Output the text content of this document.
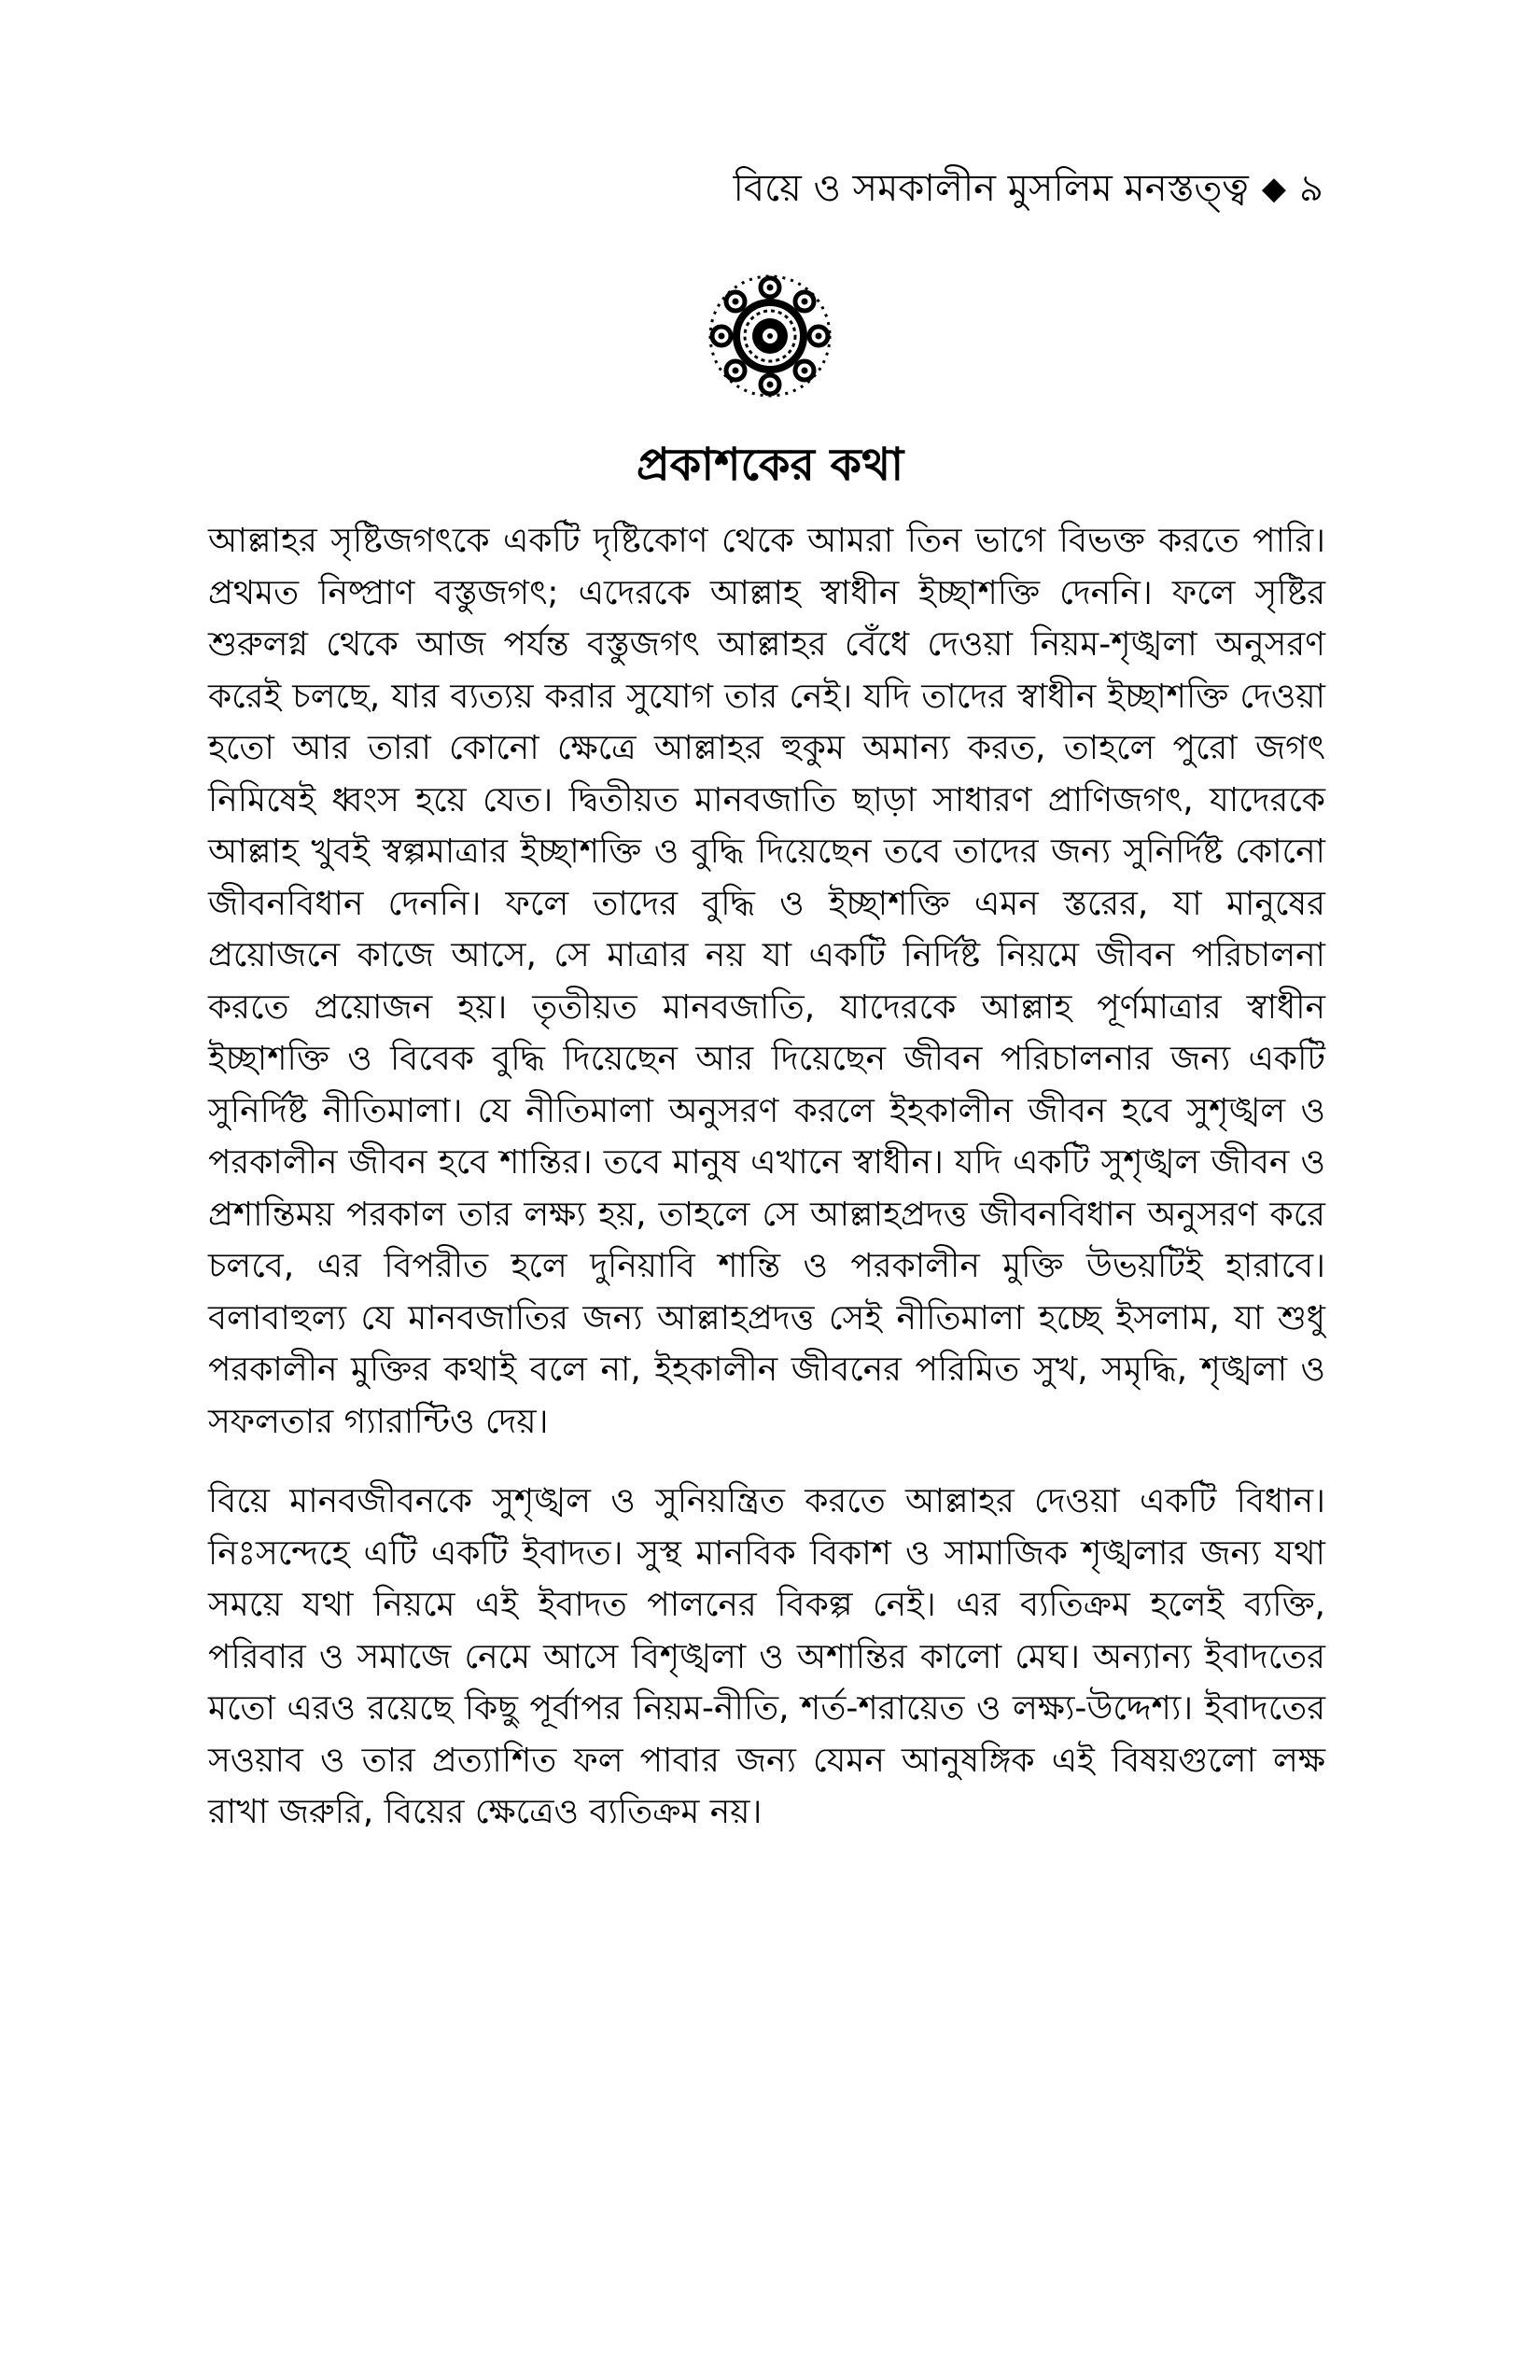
বিয়ে ও সমকালীন মুসলিম মনস্তত্ত্ব ◆ ৯
প্রকাশকের কথা

আল্লাহর সৃষ্টিজগৎকে একটি দৃষ্টিকোণ থেকে আমরা তিন ভাগে বিভক্ত করতে পারি। প্রথমত নিষ্প্রাণ বস্তুজগৎ; এদেরকে আল্লাহ স্বাধীন ইচ্ছাশক্তি দেননি। ফলে সৃষ্টির শুরুলগ্ন থেকে আজ পর্যন্ত বস্তুজগৎ আল্লাহর বেঁধে দেওয়া নিয়ম-শৃঙ্খলা অনুসরণ করেই চলছে, যার ব্যত্যয় করার সুযোগ তার নেই। যদি তাদের স্বাধীন ইচ্ছাশক্তি দেওয়া হতো আর তারা কোনো ক্ষেত্রে আল্লাহর হুকুম অমান্য করত, তাহলে পুরো জগৎ নিমিষেই ধ্বংস হয়ে যেত। দ্বিতীয়ত মানবজাতি ছাড়া সাধারণ প্রাণিজগৎ, যাদেরকে আল্লাহ খুবই স্বল্পমাত্রার ইচ্ছাশক্তি ও বুদ্ধি দিয়েছেন তবে তাদের জন্য সুনির্দিষ্ট কোনো জীবনবিধান দেননি। ফলে তাদের বুদ্ধি ও ইচ্ছাশক্তি এমন স্তরের, যা মানুষের প্রয়োজনে কাজে আসে, সে মাত্রার নয় যা একটি নির্দিষ্ট নিয়মে জীবন পরিচালনা করতে প্রয়োজন হয়। তৃতীয়ত মানবজাতি, যাদেরকে আল্লাহ পূর্ণমাত্রার স্বাধীন ইচ্ছাশক্তি ও বিবেক বুদ্ধি দিয়েছেন আর দিয়েছেন জীবন পরিচালনার জন্য একটি সুনির্দিষ্ট নীতিমালা। যে নীতিমালা অনুসরণ করলে ইহকালীন জীবন হবে সুশৃঙ্খল ও পরকালীন জীবন হবে শান্তির। তবে মানুষ এখানে স্বাধীন। যদি একটি সুশৃঙ্খল জীবন ও প্রশান্তিময় পরকাল তার লক্ষ্য হয়, তাহলে সে আল্লাহপ্রদত্ত জীবনবিধান অনুসরণ করে চলবে, এর বিপরীত হলে দুনিয়াবি শান্তি ও পরকালীন মুক্তি উভয়টিই হারাবে। বলাবাহুল্য যে মানবজাতির জন্য আল্লাহপ্রদত্ত সেই নীতিমালা হচ্ছে ইসলাম, যা শুধু পরকালীন মুক্তির কথাই বলে না, ইহকালীন জীবনের পরিমিত সুখ, সমৃদ্ধি, শৃঙ্খলা ও সফলতার গ্যারান্টিও দেয়।

বিয়ে মানবজীবনকে সুশৃঙ্খল ও সুনিয়ন্ত্রিত করতে আল্লাহর দেওয়া একটি বিধান। নিঃসন্দেহে এটি একটি ইবাদত। সুস্থ মানবিক বিকাশ ও সামাজিক শৃঙ্খলার জন্য যথা সময়ে যথা নিয়মে এই ইবাদত পালনের বিকল্প নেই। এর ব্যতিক্রম হলেই ব্যক্তি, পরিবার ও সমাজে নেমে আসে বিশৃঙ্খলা ও অশান্তির কালো মেঘ। অন্যান্য ইবাদতের মতো এরও রয়েছে কিছু পূর্বাপর নিয়ম-নীতি, শর্ত-শরায়েত ও লক্ষ্য-উদ্দেশ্য। ইবাদতের সওয়াব ও তার প্রত্যাশিত ফল পাবার জন্য যেমন আনুষঙ্গিক এই বিষয়গুলো লক্ষ রাখা জরুরি, বিয়ের ক্ষেত্রেও ব্যতিক্রম নয়।
